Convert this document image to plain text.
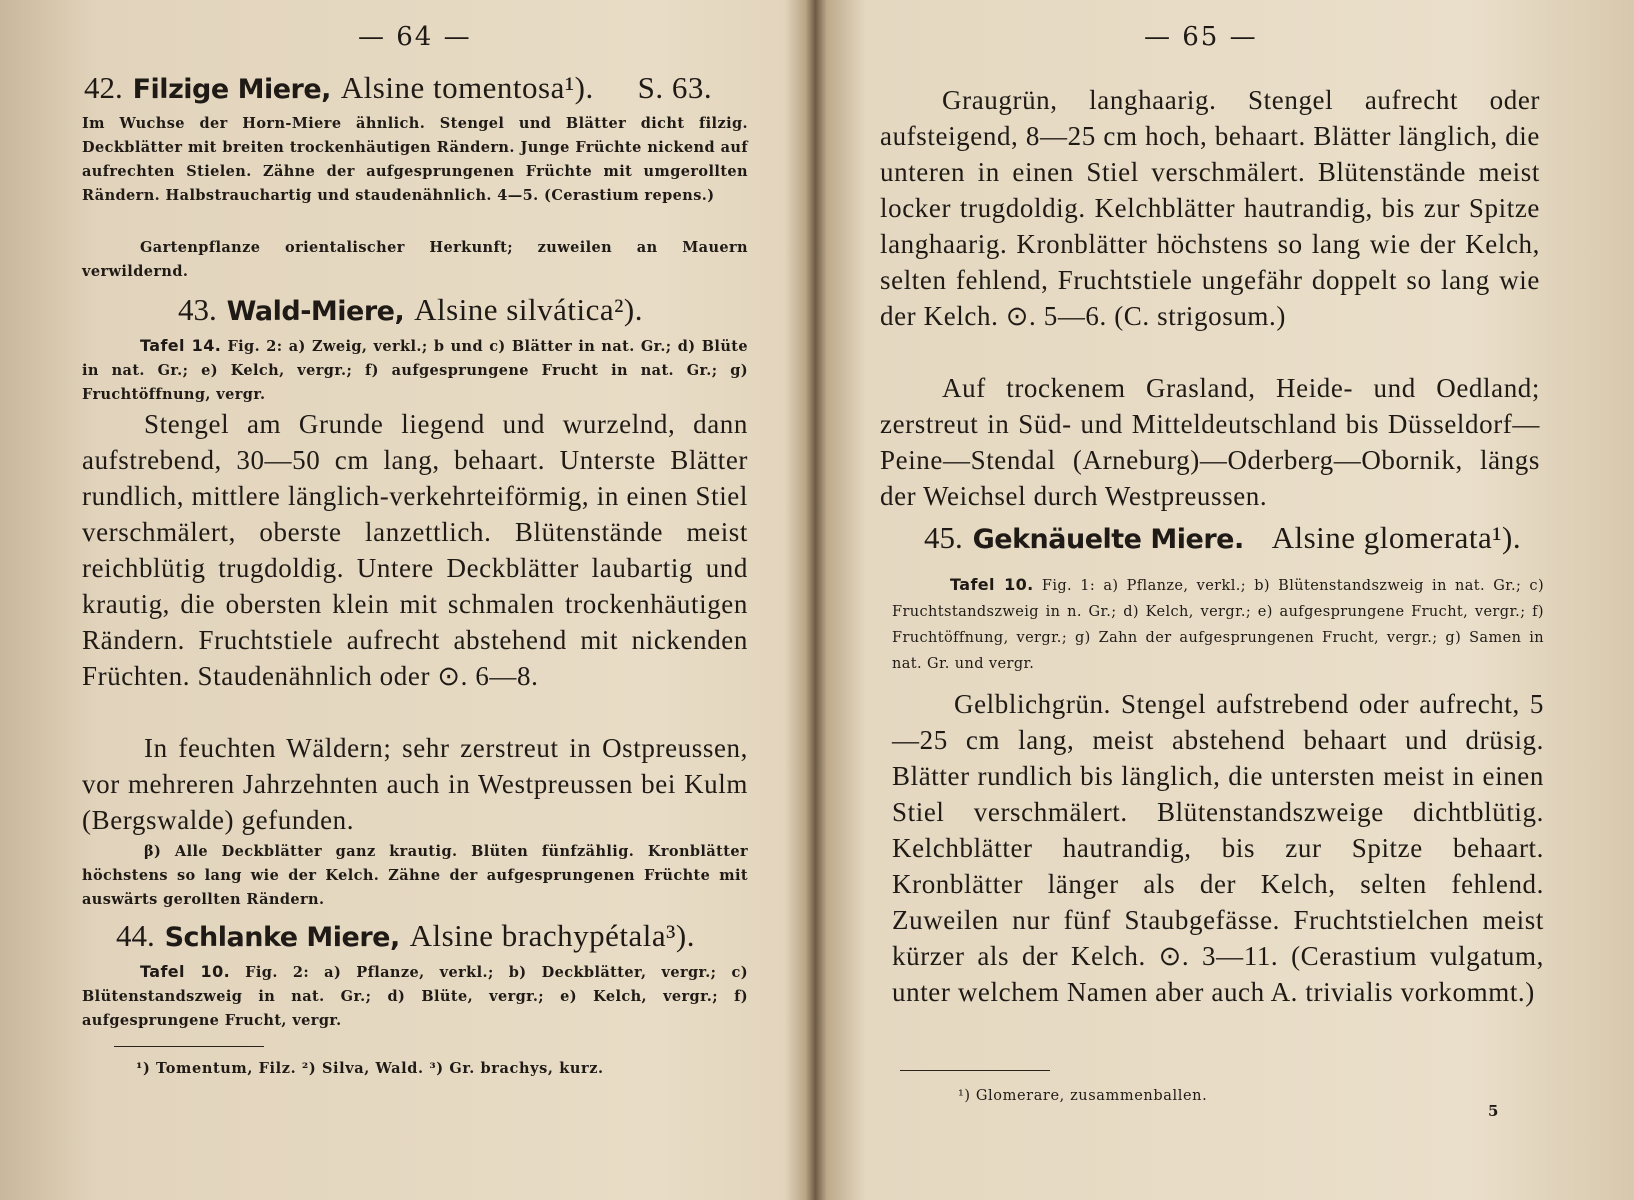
— 64 —
42. Filzige Miere, Alsine tomentosa¹). S. 63.
Im Wuchse der Horn-Miere ähnlich. Stengel und Blätter dicht filzig. Deckblätter mit breiten trockenhäutigen Rändern. Junge Früchte nickend auf aufrechten Stielen. Zähne der aufgesprungenen Früchte mit umgerollten Rändern. Halbstrauchartig und staudenähnlich. 4—5. (Cerastium repens.)
Gartenpflanze orientalischer Herkunft; zuweilen an Mauern verwildernd.
43. Wald-Miere, Alsine silvática²).
Tafel 14. Fig. 2: a) Zweig, verkl.; b und c) Blätter in nat. Gr.; d) Blüte in nat. Gr.; e) Kelch, vergr.; f) aufgesprungene Frucht in nat. Gr.; g) Fruchtöffnung, vergr.
Stengel am Grunde liegend und wurzelnd, dann aufstrebend, 30—50 cm lang, behaart. Unterste Blätter rundlich, mittlere länglich-verkehrteiförmig, in einen Stiel verschmälert, oberste lanzettlich. Blütenstände meist reichblütig trugdoldig. Untere Deckblätter laubartig und krautig, die obersten klein mit schmalen trockenhäutigen Rändern. Fruchtstiele aufrecht abstehend mit nickenden Früchten. Staudenähnlich oder ⊙. 6—8.
In feuchten Wäldern; sehr zerstreut in Ostpreussen, vor mehreren Jahrzehnten auch in Westpreussen bei Kulm (Bergswalde) gefunden.
β) Alle Deckblätter ganz krautig. Blüten fünfzählig. Kronblätter höchstens so lang wie der Kelch. Zähne der aufgesprungenen Früchte mit auswärts gerollten Rändern.
44. Schlanke Miere, Alsine brachypétala³).
Tafel 10. Fig. 2: a) Pflanze, verkl.; b) Deckblätter, vergr.; c) Blütenstandszweig in nat. Gr.; d) Blüte, vergr.; e) Kelch, vergr.; f) aufgesprungene Frucht, vergr.
¹) Tomentum, Filz. ²) Silva, Wald. ³) Gr. brachys, kurz.
— 65 —
Graugrün, langhaarig. Stengel aufrecht oder aufsteigend, 8—25 cm hoch, behaart. Blätter länglich, die unteren in einen Stiel verschmälert. Blütenstände meist locker trugdoldig. Kelchblätter hautrandig, bis zur Spitze langhaarig. Kronblätter höchstens so lang wie der Kelch, selten fehlend, Fruchtstiele ungefähr doppelt so lang wie der Kelch. ⊙. 5—6. (C. strigosum.)
Auf trockenem Grasland, Heide- und Oedland; zerstreut in Süd- und Mitteldeutschland bis Düsseldorf—Peine—Stendal (Arneburg)—Oderberg—Obornik, längs der Weichsel durch Westpreussen.
45. Geknäuelte Miere. Alsine glomerata¹).
Tafel 10. Fig. 1: a) Pflanze, verkl.; b) Blütenstandszweig in nat. Gr.; c) Fruchtstandszweig in n. Gr.; d) Kelch, vergr.; e) aufgesprungene Frucht, vergr.; f) Fruchtöffnung, vergr.; g) Zahn der aufgesprungenen Frucht, vergr.; g) Samen in nat. Gr. und vergr.
Gelblichgrün. Stengel aufstrebend oder aufrecht, 5—25 cm lang, meist abstehend behaart und drüsig. Blätter rundlich bis länglich, die untersten meist in einen Stiel verschmälert. Blütenstandszweige dichtblütig. Kelchblätter hautrandig, bis zur Spitze behaart. Kronblätter länger als der Kelch, selten fehlend. Zuweilen nur fünf Staubgefässe. Fruchtstielchen meist kürzer als der Kelch. ⊙. 3—11. (Cerastium vulgatum, unter welchem Namen aber auch A. trivialis vorkommt.)
¹) Glomerare, zusammenballen.
5
